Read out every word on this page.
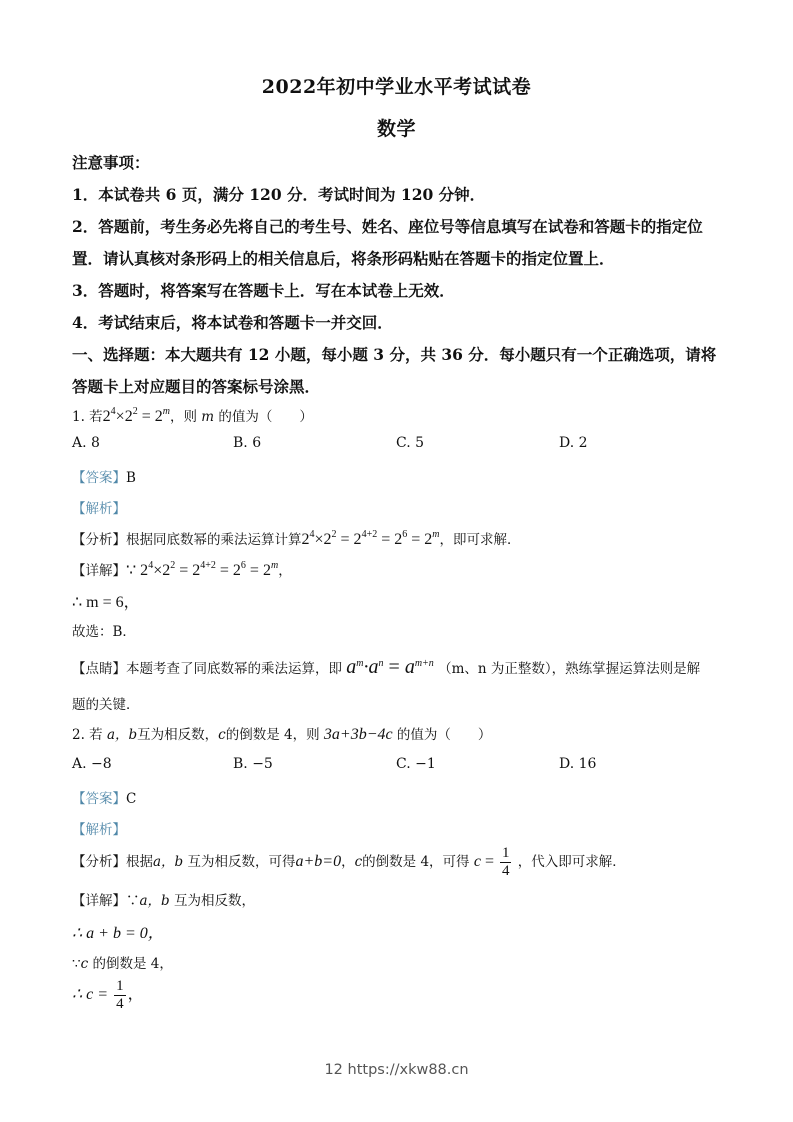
2022年初中学业水平考试试卷
数学
注意事项：
1．本试卷共 6 页，满分 120 分．考试时间为 120 分钟．
2．答题前，考生务必先将自己的考生号、姓名、座位号等信息填写在试卷和答题卡的指定位
置．请认真核对条形码上的相关信息后，将条形码粘贴在答题卡的指定位置上．
3．答题时，将答案写在答题卡上．写在本试卷上无效．
4．考试结束后，将本试卷和答题卡一并交回．
一、选择题：本大题共有 12 小题，每小题 3 分，共 36 分．每小题只有一个正确选项，请将
答题卡上对应题目的答案标号涂黑．
1. 若$2^4\times 2^2 = 2^m$，则 m 的值为（　　）
A. 8	B. 6	C. 5	D. 2
【答案】B
【解析】
【分析】根据同底数幂的乘法运算计算$2^4\times 2^2 = 2^{4+2} = 2^6 = 2^m$，即可求解．
【详解】∵ $2^4\times 2^2 = 2^{4+2} = 2^6 = 2^m$，
∴ m = 6，
故选：B．
【点睛】本题考查了同底数幂的乘法运算，即 $a^m\cdot a^n = a^{m+n}$ （m、n 为正整数），熟练掌握运算法则是解
题的关键．
2. 若 a，b互为相反数，c的倒数是 4，则 3a+3b−4c 的值为（　　）
A. −8	B. −5	C. −1	D. 16
【答案】C
【解析】
【分析】根据a，b 互为相反数，可得a+b=0，c的倒数是 4，可得 $c = \frac{1}{4}$ ，代入即可求解．
【详解】∵a，b 互为相反数，
∴ a + b = 0，
∵c 的倒数是 4，
∴ $c = \frac{1}{4}$ ，
12 https://xkw88.cn
